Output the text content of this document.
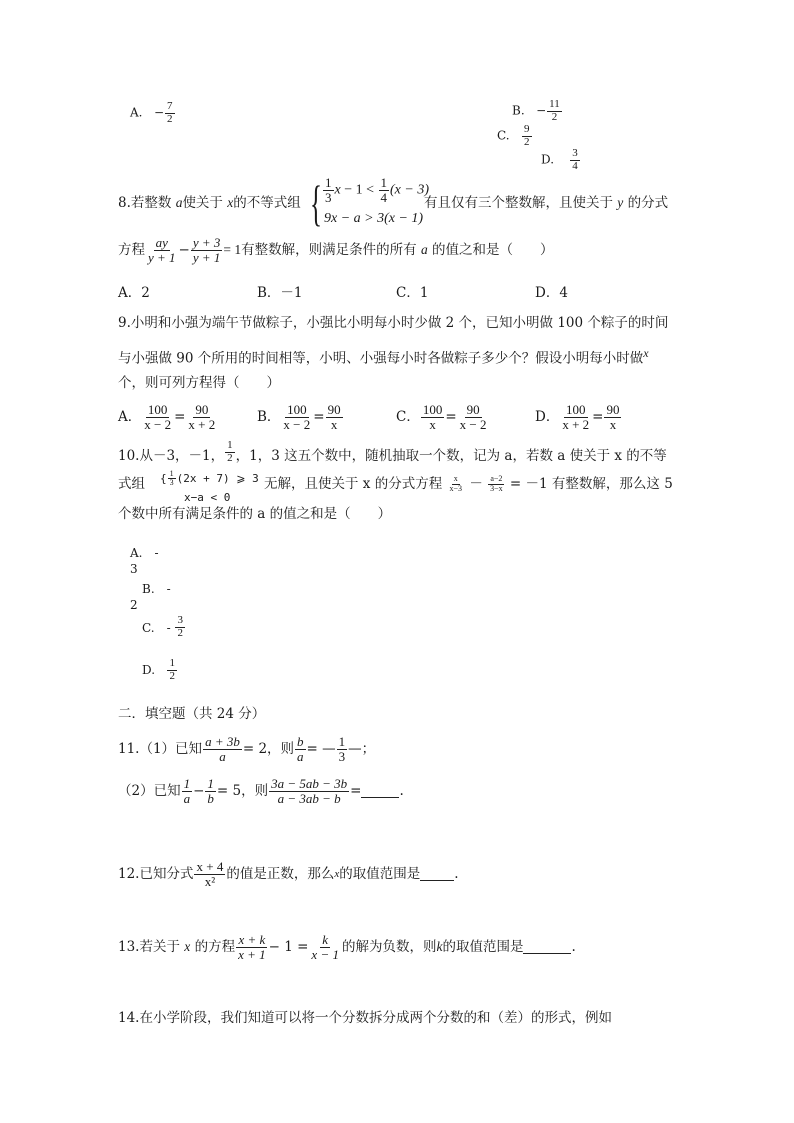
A. − $\frac{7}{2}$	B. − $\frac{11}{2}$
C. $\frac{9}{2}$
D. $\frac{3}{4}$
8.若整数 a使关于 x的不等式组 { $\frac{1}{3}$ $x - 1 < \frac{1}{4} (x - 3)$
9x − a > 3(x − 1)
有且仅有三个整数解，且使关于 y 的分式
方程 $\frac{ay}{y + 1} - \frac{y + 3}{y + 1} = 1$ 有整数解，则满足条件的所有
a
的值之和是（　　）
A．2	B．－1	C．1	D．4
9.小明和小强为端午节做粽子，小强比小明每小时少做 2 个，已知小明做 100 个粽子的时间
与小强做 90 个所用的时间相等，小明、小强每小时各做粽子多少个？假设小明每小时做x
个，则可列方程得（　　）
A． $\frac{100}{x - 2} = \frac{90}{x + 2}$	B． $\frac{100}{x - 2} = \frac{90}{x}$	C． $\frac{100}{x} = \frac{90}{x - 2}$	D． $\frac{100}{x + 2} = \frac{90}{x}$
10.从－3，－1， $\frac{1}{2}$ ，1，3 这五个数中，随机抽取一个数，记为 a，若数 a 使关于 x 的不等
式组 { $\frac{1}{3} (2x + 7)$ ⩾ 3
x−a < 0
无解，且使关于 x 的分式方程
$\frac{x}{x-3}$
－
$\frac{a-2}{3-x}$
= －1 有整数解，那么这 5
个数中所有满足条件的 a 的值之和是（　　）
A.　-
3
B.　-
2
C.　-
$\frac{3}{2}$
D.
$\frac{1}{2}$
二．填空题（共 24 分）
11.（1）已知 $\frac{a + 3b}{a} = 2$，则 $\frac{b}{a}$ = — $\frac{1}{3}$ —；
（2）已知 $\frac{1}{a} - \frac{1}{b} = 5$，则 $\frac{3a - 5ab - 3b}{a - 3ab - b}$ =	.
12.已知分式 $\frac{x + 4}{\text{x²}}$ 的值是正数，那么 x 的取值范围是	.
13.若关于
x
的方程 $\frac{x + k}{x + 1} - 1 = \frac{k}{x - 1}$ 的解为负数，则 k 的取值范围是	.
14.在小学阶段，我们知道可以将一个分数拆分成两个分数的和（差）的形式，例如
